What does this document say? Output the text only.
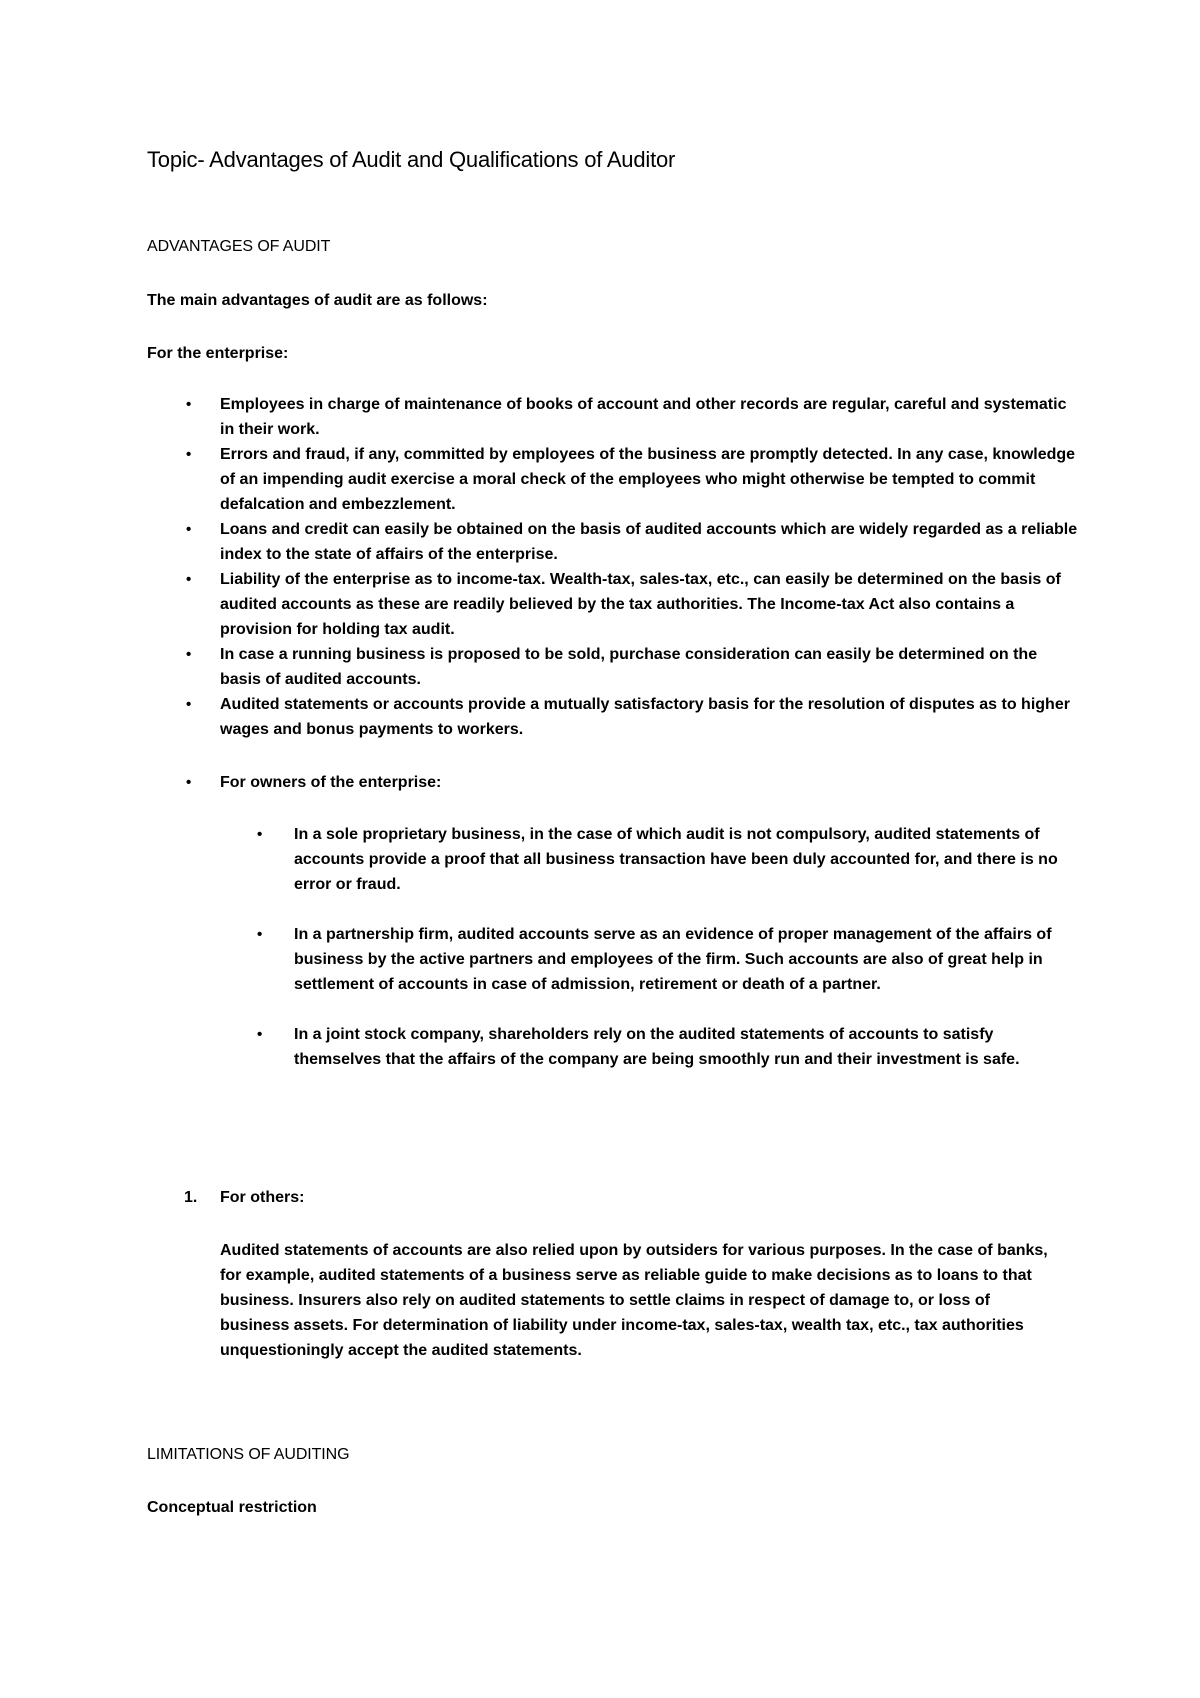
Topic- Advantages of Audit and Qualifications of Auditor
ADVANTAGES OF AUDIT
The main advantages of audit are as follows:
For the enterprise:
• Employees in charge of maintenance of books of account and other records are regular, careful and systematic in their work.
• Errors and fraud, if any, committed by employees of the business are promptly detected. In any case, knowledge of an impending audit exercise a moral check of the employees who might otherwise be tempted to commit defalcation and embezzlement.
• Loans and credit can easily be obtained on the basis of audited accounts which are widely regarded as a reliable index to the state of affairs of the enterprise.
• Liability of the enterprise as to income-tax. Wealth-tax, sales-tax, etc., can easily be determined on the basis of audited accounts as these are readily believed by the tax authorities. The Income-tax Act also contains a provision for holding tax audit.
• In case a running business is proposed to be sold, purchase consideration can easily be determined on the basis of audited accounts.
• Audited statements or accounts provide a mutually satisfactory basis for the resolution of disputes as to higher wages and bonus payments to workers.
• For owners of the enterprise:
• In a sole proprietary business, in the case of which audit is not compulsory, audited statements of accounts provide a proof that all business transaction have been duly accounted for, and there is no error or fraud.
• In a partnership firm, audited accounts serve as an evidence of proper management of the affairs of business by the active partners and employees of the firm. Such accounts are also of great help in settlement of accounts in case of admission, retirement or death of a partner.
• In a joint stock company, shareholders rely on the audited statements of accounts to satisfy themselves that the affairs of the company are being smoothly run and their investment is safe.
1. For others:
Audited statements of accounts are also relied upon by outsiders for various purposes. In the case of banks, for example, audited statements of a business serve as reliable guide to make decisions as to loans to that business. Insurers also rely on audited statements to settle claims in respect of damage to, or loss of business assets. For determination of liability under income-tax, sales-tax, wealth tax, etc., tax authorities unquestioningly accept the audited statements.
LIMITATIONS OF AUDITING
Conceptual restriction
